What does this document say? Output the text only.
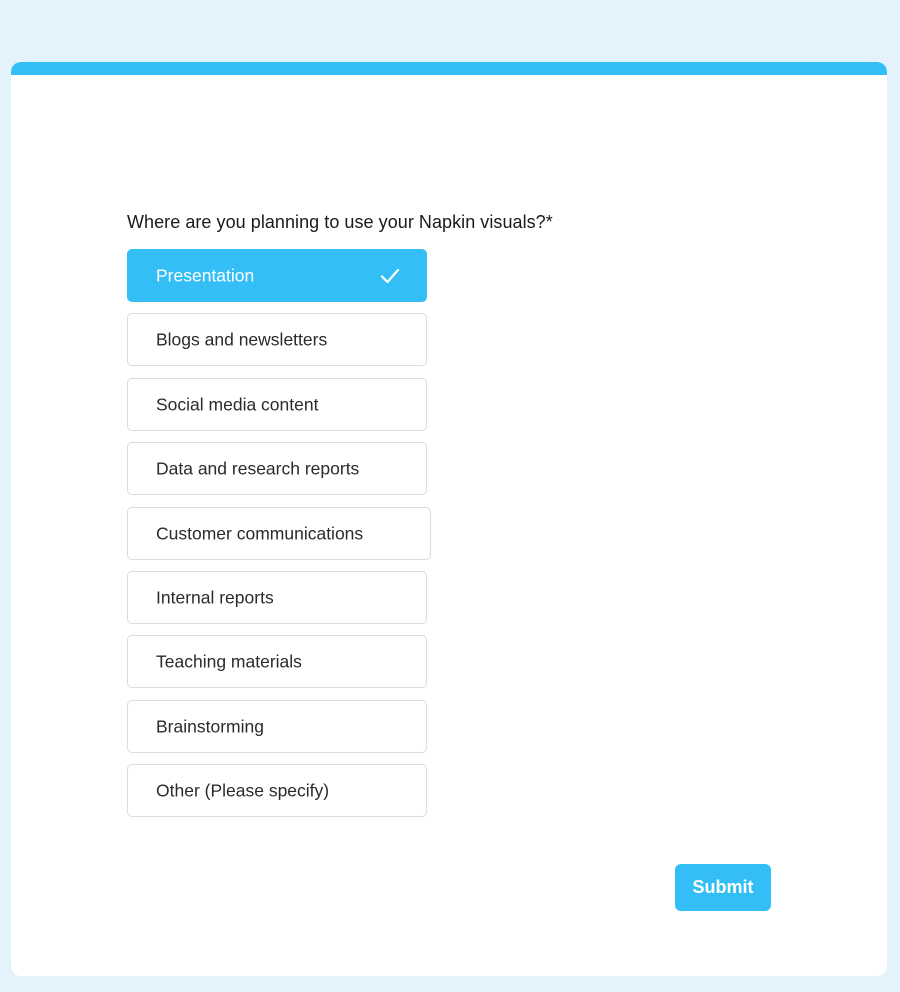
Where are you planning to use your Napkin visuals?*
Presentation
Blogs and newsletters
Social media content
Data and research reports
Customer communications
Internal reports
Teaching materials
Brainstorming
Other (Please specify)
Submit
